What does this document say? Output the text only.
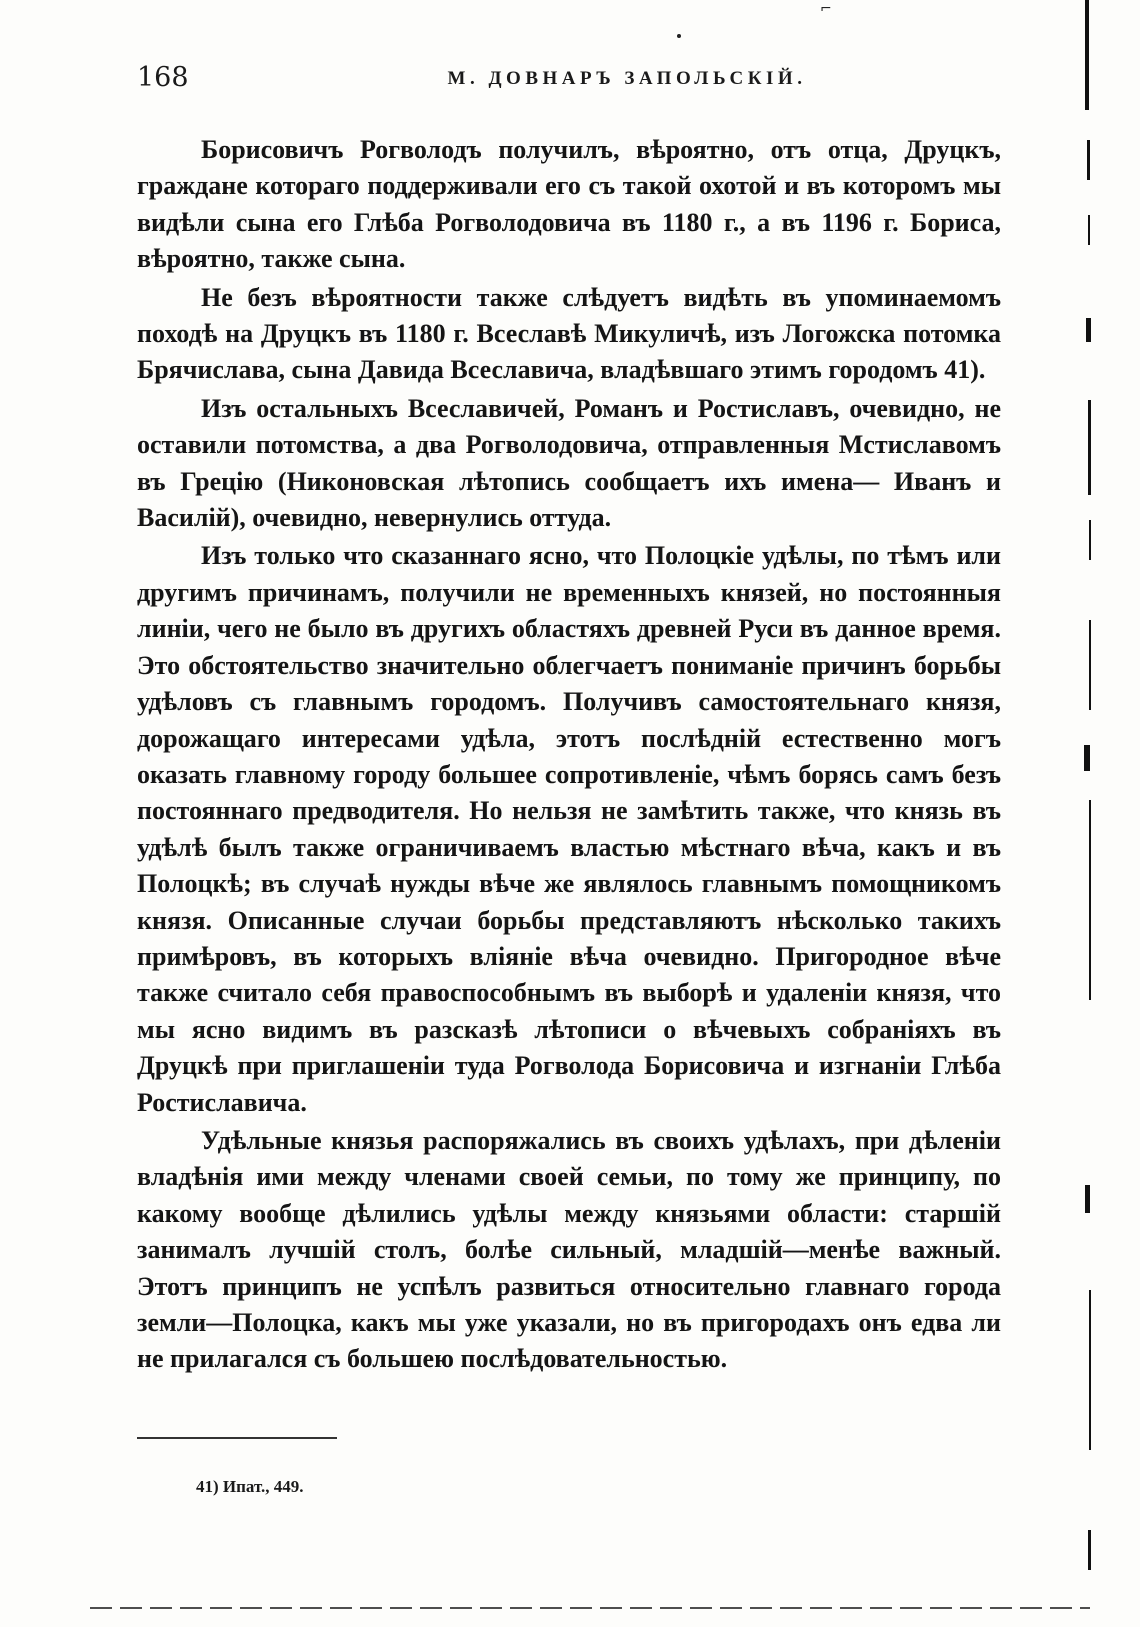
168	М. ДОВНАРЪ ЗАПОЛЬСКІЙ.

Борисовичъ Рогволодъ получилъ, вѣроятно, отъ отца, Друцкъ, граждане котораго поддерживали его съ такой охотой и въ которомъ мы видѣли сына его Глѣба Рогволодовича въ 1180 г., а въ 1196 г. Бориса, вѣроятно, также сына.

Не безъ вѣроятности также слѣдуетъ видѣть въ упоминаемомъ походѣ на Друцкъ въ 1180 г. Всеславѣ Микуличѣ, изъ Логожска потомка Брячислава, сына Давида Всеславича, владѣвшаго этимъ городомъ 41).

Изъ остальныхъ Всеславичей, Романъ и Ростиславъ, очевидно, не оставили потомства, а два Рогволодовича, отправленныя Мстиславомъ въ Грецію (Никоновская лѣтопись сообщаетъ ихъ имена— Иванъ и Василій), очевидно, невернулись оттуда.

Изъ только что сказаннаго ясно, что Полоцкіе удѣлы, по тѣмъ или другимъ причинамъ, получили не временныхъ князей, но постоянныя линіи, чего не было въ другихъ областяхъ древней Руси въ данное время. Это обстоятельство значительно облегчаетъ пониманіе причинъ борьбы удѣловъ съ главнымъ городомъ. Получивъ самостоятельнаго князя, дорожащаго интересами удѣла, этотъ послѣдній естественно могъ оказать главному городу большее сопротивленіе, чѣмъ борясь самъ безъ постояннаго предводителя. Но нельзя не замѣтить также, что князь въ удѣлѣ былъ также ограничиваемъ властью мѣстнаго вѣча, какъ и въ Полоцкѣ; въ случаѣ нужды вѣче же являлось главнымъ помощникомъ князя. Описанные случаи борьбы представляютъ нѣсколько такихъ примѣровъ, въ которыхъ вліяніе вѣча очевидно. Пригородное вѣче также считало себя правоспособнымъ въ выборѣ и удаленіи князя, что мы ясно видимъ въ разсказѣ лѣтописи о вѣчевыхъ собраніяхъ въ Друцкѣ при приглашеніи туда Рогволода Борисовича и изгнаніи Глѣба Ростиславича.

Удѣльные князья распоряжались въ своихъ удѣлахъ, при дѣленіи владѣнія ими между членами своей семьи, по тому же принципу, по какому вообще дѣлились удѣлы между князьями области: старшій занималъ лучшій столъ, болѣе сильный, младшій—менѣе важный. Этотъ принципъ не успѣлъ развиться относительно главнаго города земли—Полоцка, какъ мы уже указали, но въ пригородахъ онъ едва ли не прилагался съ большею послѣдовательностью.

41) Ипат., 449.
⌐
